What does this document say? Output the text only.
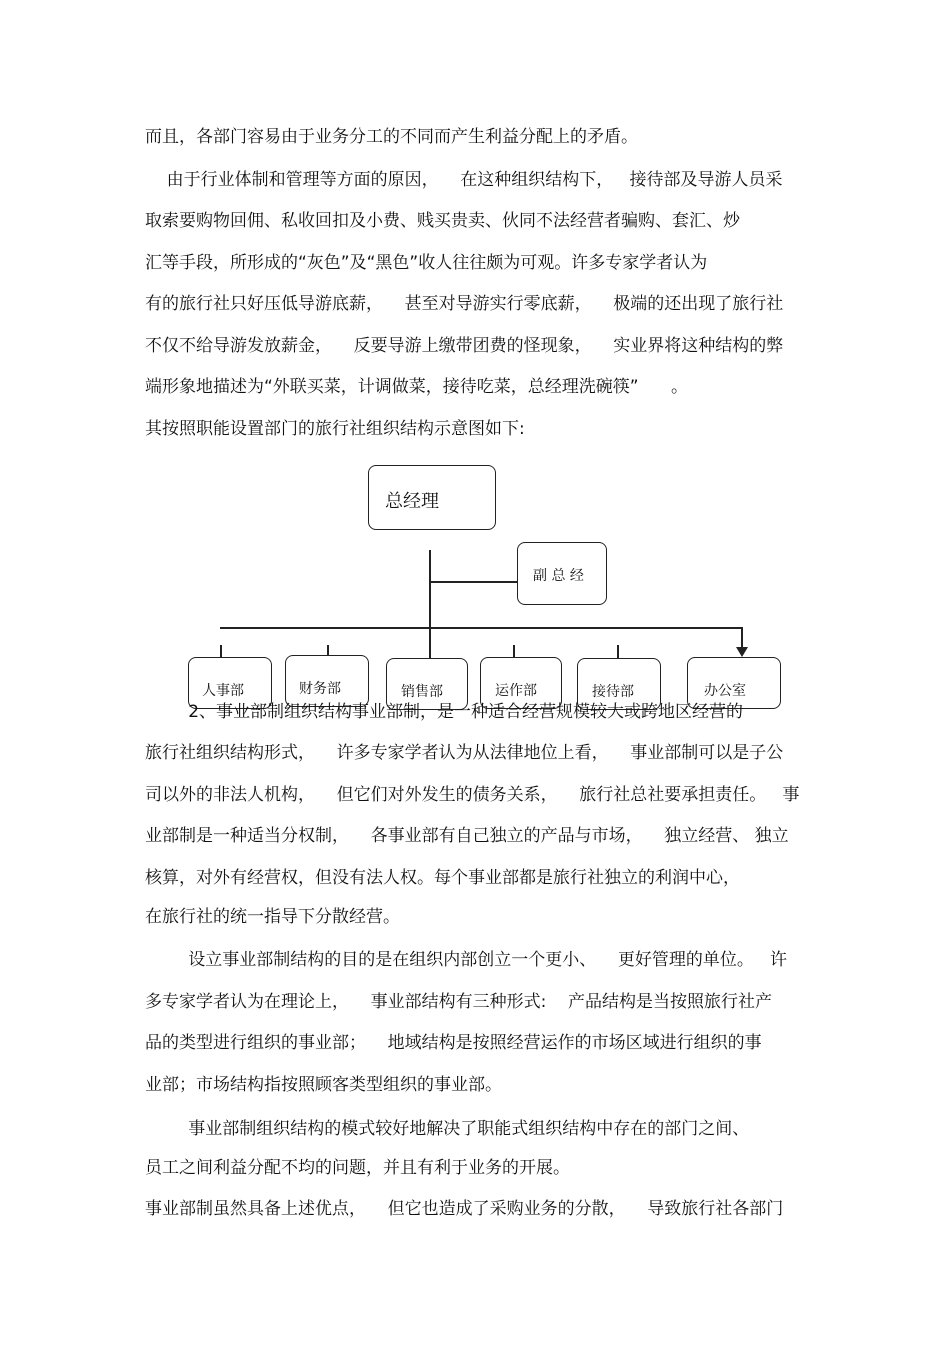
而且，各部门容易由于业务分工的不同而产生利益分配上的矛盾。

由于行业体制和管理等方面的原因，    在这种组织结构下，   接待部及导游人员采

取索要购物回佣、私收回扣及小费、贱买贵卖、伙同不法经营者骗购、套汇、炒

汇等手段，所形成的“灰色”及“黑色”收人往往颇为可观。许多专家学者认为

有的旅行社只好压低导游底薪，    甚至对导游实行零底薪，    极端的还出现了旅行社

不仅不给导游发放薪金，    反要导游上缴带团费的怪现象，    实业界将这种结构的弊

端形象地描述为“外联买菜，计调做菜，接待吃菜，总经理洗碗筷”      。

其按照职能设置部门的旅行社组织结构示意图如下:

总经理
副 总 经
人事部	财务部	销售部	运作部	接待部	办公室

2、事业部制组织结构事业部制，是一种适合经营规模较大或跨地区经营的

旅行社组织结构形式，    许多专家学者认为从法律地位上看，    事业部制可以是子公

司以外的非法人机构，    但它们对外发生的债务关系，    旅行社总社要承担责任。   事

业部制是一种适当分权制，    各事业部有自己独立的产品与市场，    独立经营、 独立

核算，对外有经营权，但没有法人权。每个事业部都是旅行社独立的利润中心，

在旅行社的统一指导下分散经营。

设立事业部制结构的目的是在组织内部创立一个更小、    更好管理的单位。   许

多专家学者认为在理论上，    事业部结构有三种形式:    产品结构是当按照旅行社产

品的类型进行组织的事业部；    地域结构是按照经营运作的市场区域进行组织的事

业部；市场结构指按照顾客类型组织的事业部。

事业部制组织结构的模式较好地解决了职能式组织结构中存在的部门之间、

员工之间利益分配不均的问题，并且有利于业务的开展。

事业部制虽然具备上述优点，    但它也造成了采购业务的分散，    导致旅行社各部门
